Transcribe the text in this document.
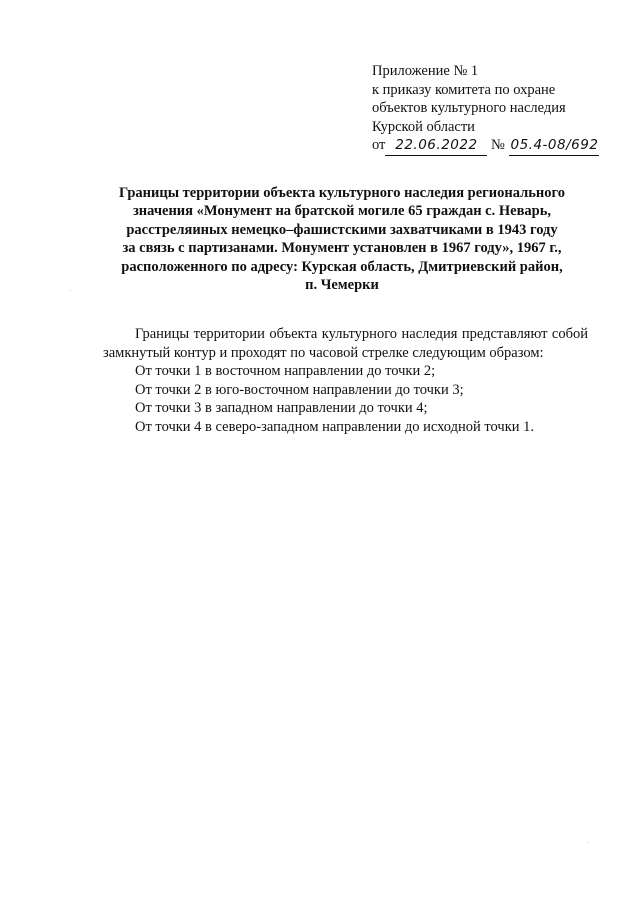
Приложение № 1
к приказу комитета по охране
объектов культурного наследия
Курской области
от 22.06.2022 № 05.4-08/692
Границы территории объекта культурного наследия регионального
значения «Монумент на братской могиле 65 граждан с. Неварь,
расстреляиных немецко–фашистскими захватчиками в 1943 году
за связь с партизанами. Монумент установлен в 1967 году», 1967 г.,
расположенного по адресу: Курская область, Дмитриевский район,
п. Чемерки

Границы территории объекта культурного наследия представляют собой замкнутый контур и проходят по часовой стрелке следующим образом:

От точки 1 в восточном направлении до точки 2;

От точки 2 в юго-восточном направлении до точки 3;

От точки 3 в западном направлении до точки 4;

От точки 4 в северо-западном направлении до исходной точки 1.
